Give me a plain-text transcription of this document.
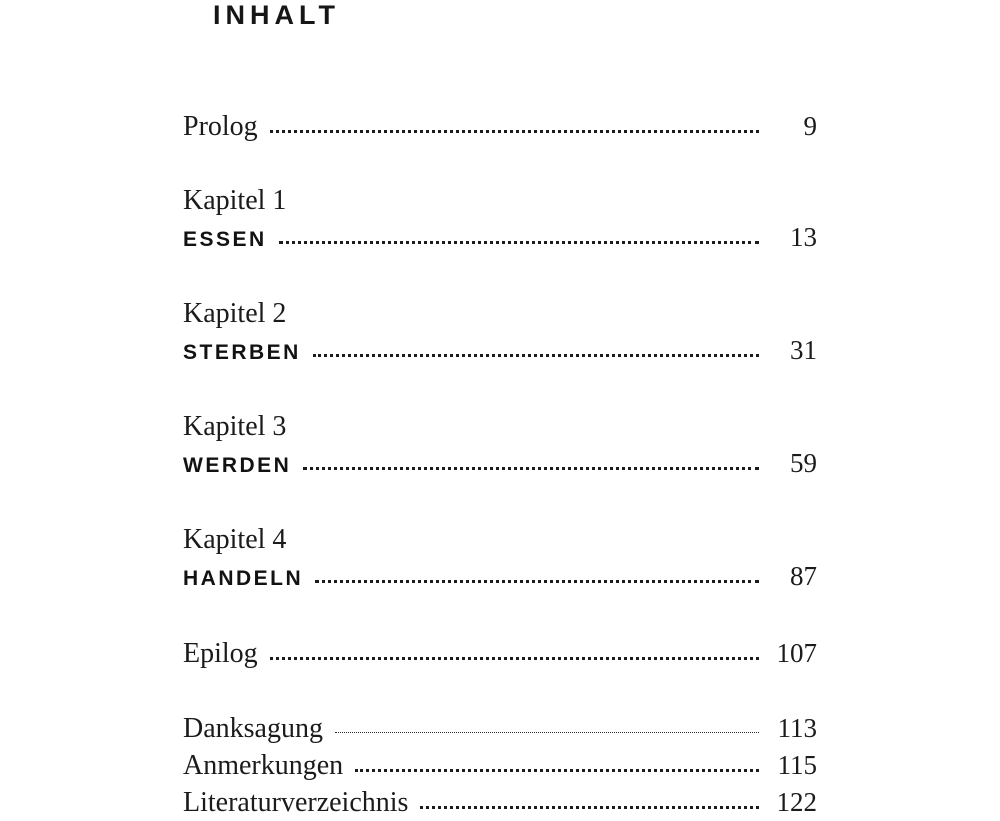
INHALT
Prolog	9
Kapitel 1
ESSEN	13
Kapitel 2
STERBEN	31
Kapitel 3
WERDEN	59
Kapitel 4
HANDELN	87
Epilog	107
Danksagung	113
Anmerkungen	115
Literaturverzeichnis	122
